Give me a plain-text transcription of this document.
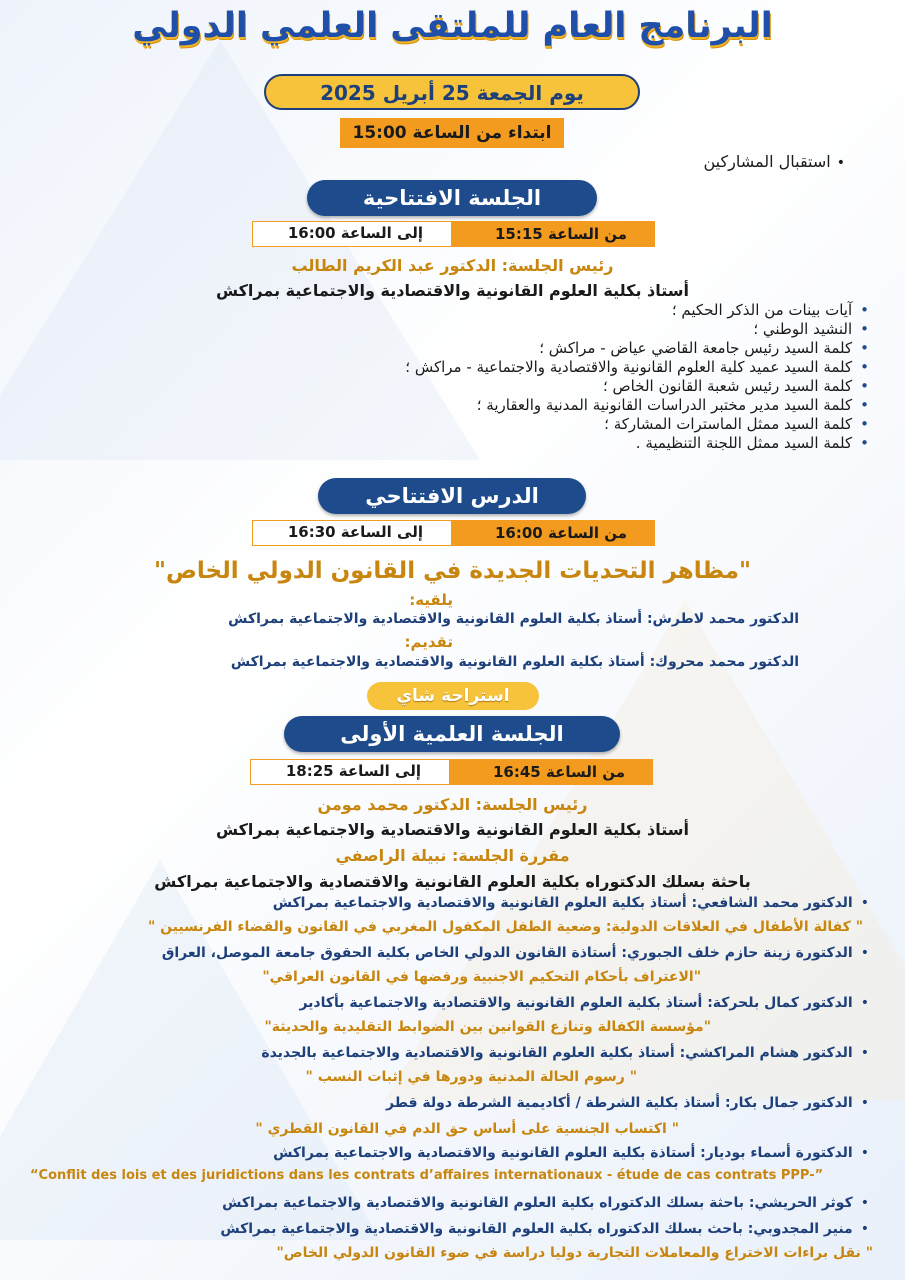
البرنامج العام للملتقى العلمي الدولي
يوم الجمعة 25 أبريل 2025
ابتداء من الساعة 15:00
•استقبال المشاركين
الجلسة الافتتاحية
من الساعة 15:15
إلى الساعة 16:00
رئيس الجلسة: الدكتور عبد الكريم الطالب
أستاذ بكلية العلوم القانونية والاقتصادية والاجتماعية بمراكش
•آيات بينات من الذكر الحكيم ؛
•النشيد الوطني ؛
•كلمة السيد رئيس جامعة القاضي عياض - مراكش ؛
•كلمة السيد عميد كلية العلوم القانونية والاقتصادية والاجتماعية - مراكش ؛
•كلمة السيد رئيس شعبة القانون الخاص ؛
•كلمة السيد مدير مختبر الدراسات القانونية المدنية والعقارية ؛
•كلمة السيد ممثل الماسترات المشاركة ؛
•كلمة السيد ممثل اللجنة التنظيمية .
الدرس الافتتاحي
من الساعة 16:00
إلى الساعة 16:30
"مظاهر التحديات الجديدة في القانون الدولي الخاص"
يلقيه:
الدكتور محمد لاطرش: أستاذ بكلية العلوم القانونية والاقتصادية والاجتماعية بمراكش
تقديم:
الدكتور محمد محروك: أستاذ بكلية العلوم القانونية والاقتصادية والاجتماعية بمراكش
استراحة شاي
الجلسة العلمية الأولى
من الساعة 16:45
إلى الساعة 18:25
رئيس الجلسة: الدكتور محمد مومن
أستاذ بكلية العلوم القانونية والاقتصادية والاجتماعية بمراكش
مقررة الجلسة: نبيلة الراصفي
باحثة بسلك الدكتوراه بكلية العلوم القانونية والاقتصادية والاجتماعية بمراكش
•الدكتور محمد الشافعي: أستاذ بكلية العلوم القانونية والاقتصادية والاجتماعية بمراكش
" كفالة الأطفال في العلاقات الدولية: وضعية الطفل المكفول المغربي في القانون والقضاء الفرنسيين "
•الدكتورة زينة حازم خلف الجبوري: أستاذة القانون الدولي الخاص بكلية الحقوق جامعة الموصل، العراق
"الاعتراف بأحكام التحكيم الاجنبية ورفضها في القانون العراقي"
•الدكتور كمال بلحركة: أستاذ بكلية العلوم القانونية والاقتصادية والاجتماعية بأكادير
"مؤسسة الكفالة وتنازع القوانين بين الضوابط التقليدية والحديثة"
•الدكتور هشام المراكشي: أستاذ بكلية العلوم القانونية والاقتصادية والاجتماعية بالجديدة
" رسوم الحالة المدنية ودورها في إثبات النسب "
•الدكتور جمال بكار: أستاذ بكلية الشرطة / أكاديمية الشرطة دولة قطر
" اكتساب الجنسية على أساس حق الدم في القانون القطري "
•الدكتورة أسماء بوديار: أستاذة بكلية العلوم القانونية والاقتصادية والاجتماعية بمراكش
“Conflit des lois et des juridictions dans les contrats d’affaires internationaux - étude de cas contrats PPP-”
•كوثر الحريشي: باحثة بسلك الدكتوراه بكلية العلوم القانونية والاقتصادية والاجتماعية بمراكش
•منير المجدوبي: باحث بسلك الدكتوراه بكلية العلوم القانونية والاقتصادية والاجتماعية بمراكش
" نقل براءات الاختراع والمعاملات التجارية دوليا دراسة في ضوء القانون الدولي الخاص"
